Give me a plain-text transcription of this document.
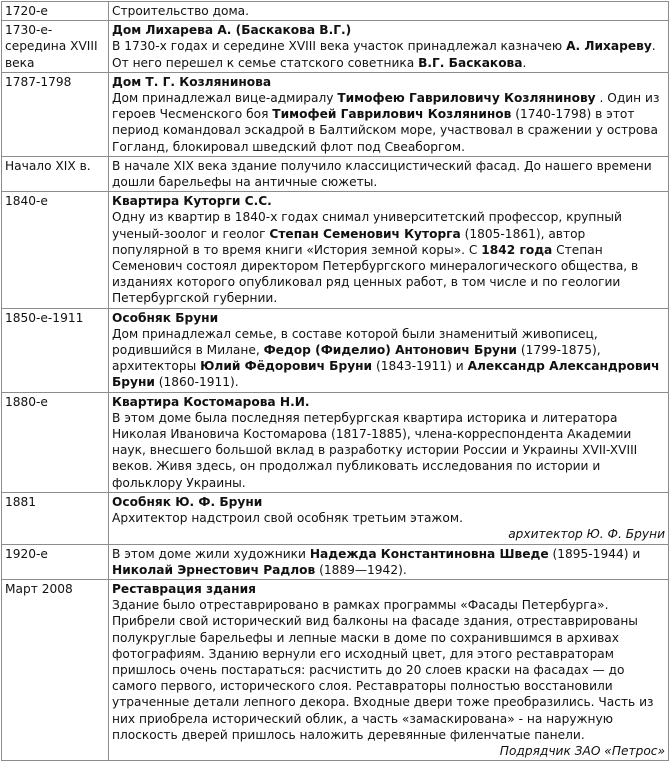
1720-е	Строительство дома.

1730-е-середина XVIII века	Дом Лихарева А. (Баскакова В.Г.)
В 1730-х годах и середине XVIII века участок принадлежал казначею А. Лихареву. От него перешел к семье статского советника В.Г. Баскакова.

1787-1798	Дом Т. Г. Козлянинова
Дом принадлежал вице-адмиралу Тимофею Гавриловичу Козлянинову . Один из героев Чесменского боя Тимофей Гаврилович Козлянинов (1740-1798) в этот период командовал эскадрой в Балтийском море, участвовал в сражении у острова Гогланд, блокировал шведский флот под Свеаборгом.

Начало XIX в.	В начале XIX века здание получило классицистический фасад. До нашего времени дошли барельефы на античные сюжеты.

1840-е	Квартира Куторги С.С.
Одну из квартир в 1840-х годах снимал университетский профессор, крупный ученый-зоолог и геолог Степан Семенович Куторга (1805-1861), автор популярной в то время книги «История земной коры». С 1842 года Степан Семенович состоял директором Петербургского минералогического общества, в изданиях которого опубликовал ряд ценных работ, в том числе и по геологии Петербургской губернии.

1850-е-1911	Особняк Бруни
Дом принадлежал семье, в составе которой были знаменитый живописец, родившийся в Милане, Федор (Фиделио) Антонович Бруни (1799-1875), архитекторы Юлий Фёдорович Бруни (1843-1911) и Александр Александрович Бруни (1860-1911).

1880-е	Квартира Костомарова Н.И.
В этом доме была последняя петербургская квартира историка и литератора Николая Ивановича Костомарова (1817-1885), члена-корреспондента Академии наук, внесшего большой вклад в разработку истории России и Украины XVII-XVIII веков. Живя здесь, он продолжал публиковать исследования по истории и фольклору Украины.

1881	Особняк Ю. Ф. Бруни
Архитектор надстроил свой особняк третьим этажом.
архитектор Ю. Ф. Бруни

1920-е	В этом доме жили художники Надежда Константиновна Шведе (1895-1944) и Николай Эрнестович Радлов (1889—1942).

Март 2008	Реставрация здания
Здание было отреставрировано в рамках программы «Фасады Петербурга». Прибрели свой исторический вид балконы на фасаде здания, отреставрированы полукруглые барельефы и лепные маски в доме по сохранившимся в архивах фотографиям. Зданию вернули его исходный цвет, для этого реставраторам пришлось очень постараться: расчистить до 20 слоев краски на фасадах — до самого первого, исторического слоя. Реставраторы полностью восстановили утраченные детали лепного декора. Входные двери тоже преобразились. Часть из них приобрела исторический облик, а часть «замаскирована» - на наружную плоскость дверей пришлось наложить деревянные филенчатые панели.
Подрядчик ЗАО «Петрос»
